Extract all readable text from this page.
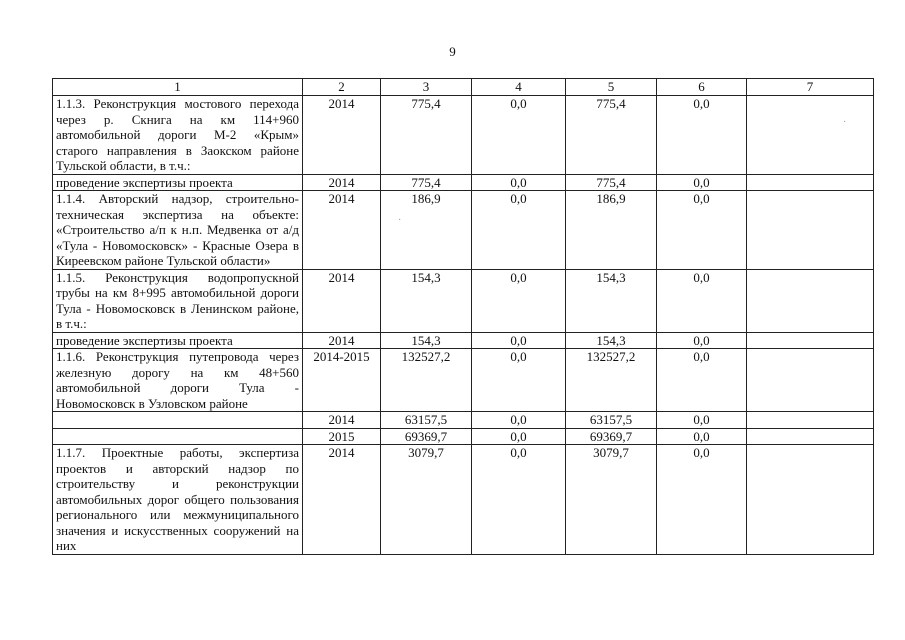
9
1	2	3	4	5	6	7
1.1.3. Реконструкция мостового перехода через р. Скнига на км 114+960 автомобильной дороги М-2 «Крым» старого направления в Заокском районе Тульской области, в т.ч.:	2014	775,4	0,0	775,4	0,0	
проведение экспертизы проекта	2014	775,4	0,0	775,4	0,0	
1.1.4. Авторский надзор, строительно-техническая экспертиза на объекте: «Строительство а/п к н.п. Медвенка от а/д «Тула - Новомосковск» - Красные Озера в Киреевском районе Тульской области»	2014	186,9	0,0	186,9	0,0	
1.1.5. Реконструкция водопропускной трубы на км 8+995 автомобильной дороги Тула - Новомосковск в Ленинском районе, в т.ч.:	2014	154,3	0,0	154,3	0,0	
проведение экспертизы проекта	2014	154,3	0,0	154,3	0,0	
1.1.6. Реконструкция путепровода через железную дорогу на км 48+560 автомобильной дороги Тула - Новомосковск в Узловском районе	2014-2015	132527,2	0,0	132527,2	0,0	
	2014	63157,5	0,0	63157,5	0,0	
	2015	69369,7	0,0	69369,7	0,0	
1.1.7. Проектные работы, экспертиза проектов и авторский надзор по строительству и реконструкции автомобильных дорог общего пользования регионального или межмуниципального значения и искусственных сооружений на них	2014	3079,7	0,0	3079,7	0,0	
·
·
